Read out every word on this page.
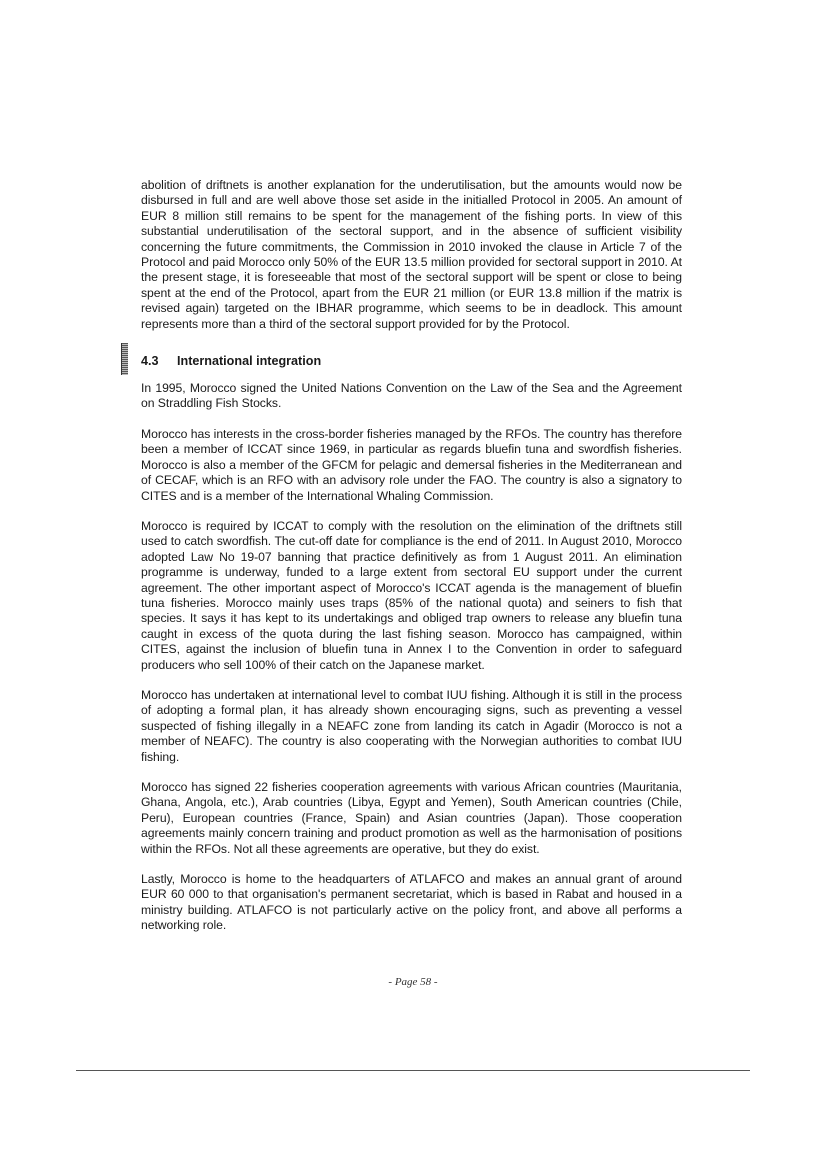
abolition of driftnets is another explanation for the underutilisation, but the amounts would now be disbursed in full and are well above those set aside in the initialled Protocol in 2005. An amount of EUR 8 million still remains to be spent for the management of the fishing ports. In view of this substantial underutilisation of the sectoral support, and in the absence of sufficient visibility concerning the future commitments, the Commission in 2010 invoked the clause in Article 7 of the Protocol and paid Morocco only 50% of the EUR 13.5 million provided for sectoral support in 2010. At the present stage, it is foreseeable that most of the sectoral support will be spent or close to being spent at the end of the Protocol, apart from the EUR 21 million (or EUR 13.8 million if the matrix is revised again) targeted on the IBHAR programme, which seems to be in deadlock. This amount represents more than a third of the sectoral support provided for by the Protocol.

4.3	International integration

In 1995, Morocco signed the United Nations Convention on the Law of the Sea and the Agreement on Straddling Fish Stocks.

Morocco has interests in the cross-border fisheries managed by the RFOs. The country has therefore been a member of ICCAT since 1969, in particular as regards bluefin tuna and swordfish fisheries. Morocco is also a member of the GFCM for pelagic and demersal fisheries in the Mediterranean and of CECAF, which is an RFO with an advisory role under the FAO. The country is also a signatory to CITES and is a member of the International Whaling Commission.

Morocco is required by ICCAT to comply with the resolution on the elimination of the driftnets still used to catch swordfish. The cut-off date for compliance is the end of 2011. In August 2010, Morocco adopted Law No 19-07 banning that practice definitively as from 1 August 2011. An elimination programme is underway, funded to a large extent from sectoral EU support under the current agreement. The other important aspect of Morocco's ICCAT agenda is the management of bluefin tuna fisheries. Morocco mainly uses traps (85% of the national quota) and seiners to fish that species. It says it has kept to its undertakings and obliged trap owners to release any bluefin tuna caught in excess of the quota during the last fishing season. Morocco has campaigned, within CITES, against the inclusion of bluefin tuna in Annex I to the Convention in order to safeguard producers who sell 100% of their catch on the Japanese market.

Morocco has undertaken at international level to combat IUU fishing. Although it is still in the process of adopting a formal plan, it has already shown encouraging signs, such as preventing a vessel suspected of fishing illegally in a NEAFC zone from landing its catch in Agadir (Morocco is not a member of NEAFC). The country is also cooperating with the Norwegian authorities to combat IUU fishing.

Morocco has signed 22 fisheries cooperation agreements with various African countries (Mauritania, Ghana, Angola, etc.), Arab countries (Libya, Egypt and Yemen), South American countries (Chile, Peru), European countries (France, Spain) and Asian countries (Japan). Those cooperation agreements mainly concern training and product promotion as well as the harmonisation of positions within the RFOs. Not all these agreements are operative, but they do exist.

Lastly, Morocco is home to the headquarters of ATLAFCO and makes an annual grant of around EUR 60 000 to that organisation's permanent secretariat, which is based in Rabat and housed in a ministry building. ATLAFCO is not particularly active on the policy front, and above all performs a networking role.

- Page 58 -
